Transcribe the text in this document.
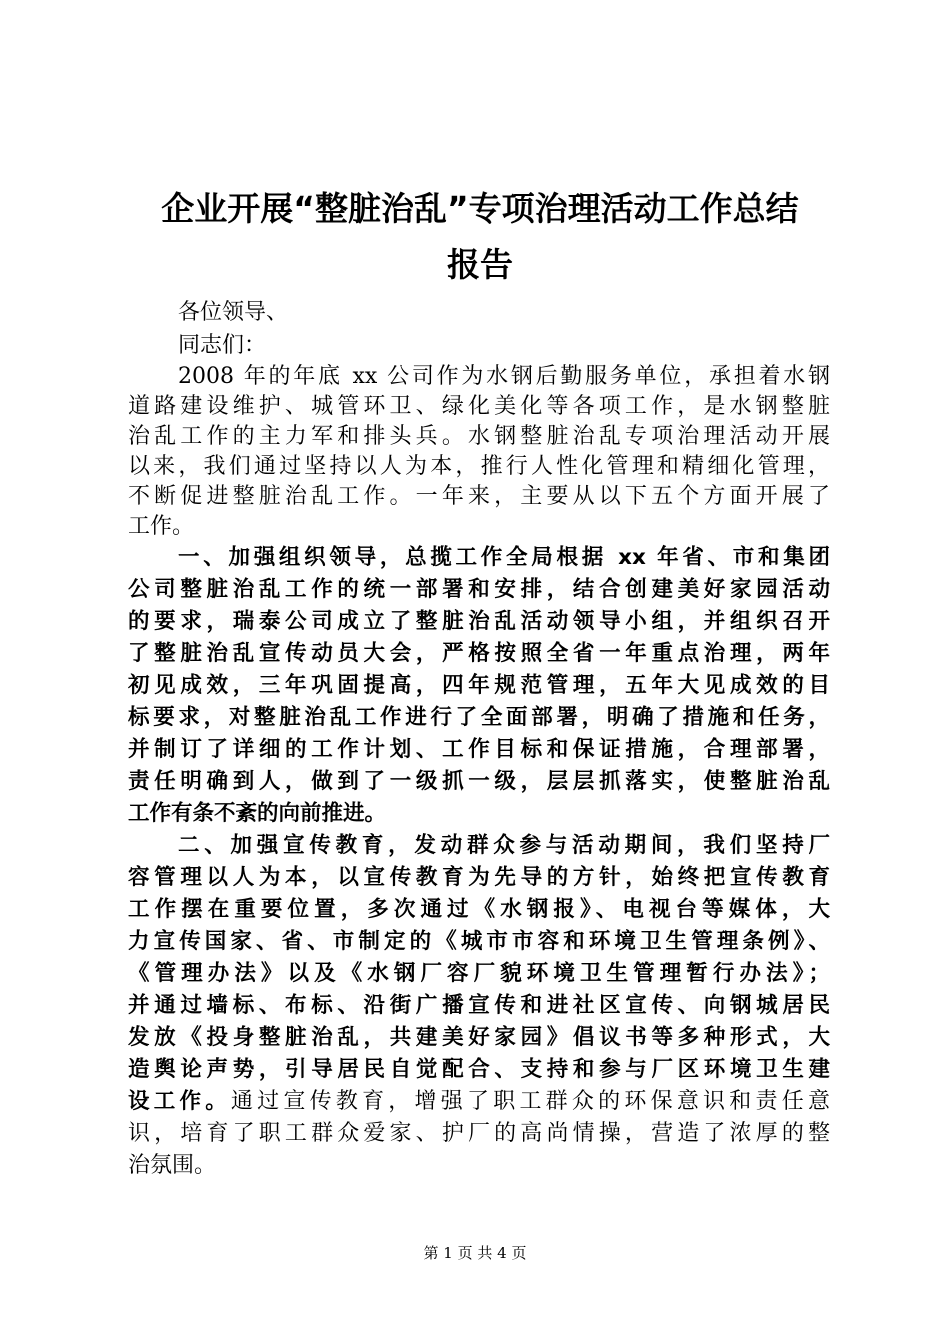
企业开展“整脏治乱”专项治理活动工作总结
报告
各位领导、
同志们：
2008 年的年底 xx 公司作为水钢后勤服务单位，承担着水钢
道路建设维护、城管环卫、绿化美化等各项工作，是水钢整脏
治乱工作的主力军和排头兵。水钢整脏治乱专项治理活动开展
以来，我们通过坚持以人为本，推行人性化管理和精细化管理，
不断促进整脏治乱工作。一年来，主要从以下五个方面开展了
工作。
一、加强组织领导，总揽工作全局根据 xx 年省、市和集团
公司整脏治乱工作的统一部署和安排，结合创建美好家园活动
的要求，瑞泰公司成立了整脏治乱活动领导小组，并组织召开
了整脏治乱宣传动员大会，严格按照全省一年重点治理，两年
初见成效，三年巩固提高，四年规范管理，五年大见成效的目
标要求，对整脏治乱工作进行了全面部署，明确了措施和任务，
并制订了详细的工作计划、工作目标和保证措施，合理部署，
责任明确到人，做到了一级抓一级，层层抓落实，使整脏治乱
工作有条不紊的向前推进。
二、加强宣传教育，发动群众参与活动期间，我们坚持厂
容管理以人为本，以宣传教育为先导的方针，始终把宣传教育
工作摆在重要位置，多次通过《水钢报》、电视台等媒体，大
力宣传国家、省、市制定的《城市市容和环境卫生管理条例》、
《管理办法》以及《水钢厂容厂貌环境卫生管理暂行办法》；
并通过墙标、布标、沿街广播宣传和进社区宣传、向钢城居民
发放《投身整脏治乱，共建美好家园》倡议书等多种形式，大
造舆论声势，引导居民自觉配合、支持和参与厂区环境卫生建
设工作。通过宣传教育，增强了职工群众的环保意识和责任意
识，培育了职工群众爱家、护厂的高尚情操，营造了浓厚的整
治氛围。
第 1 页 共 4 页
